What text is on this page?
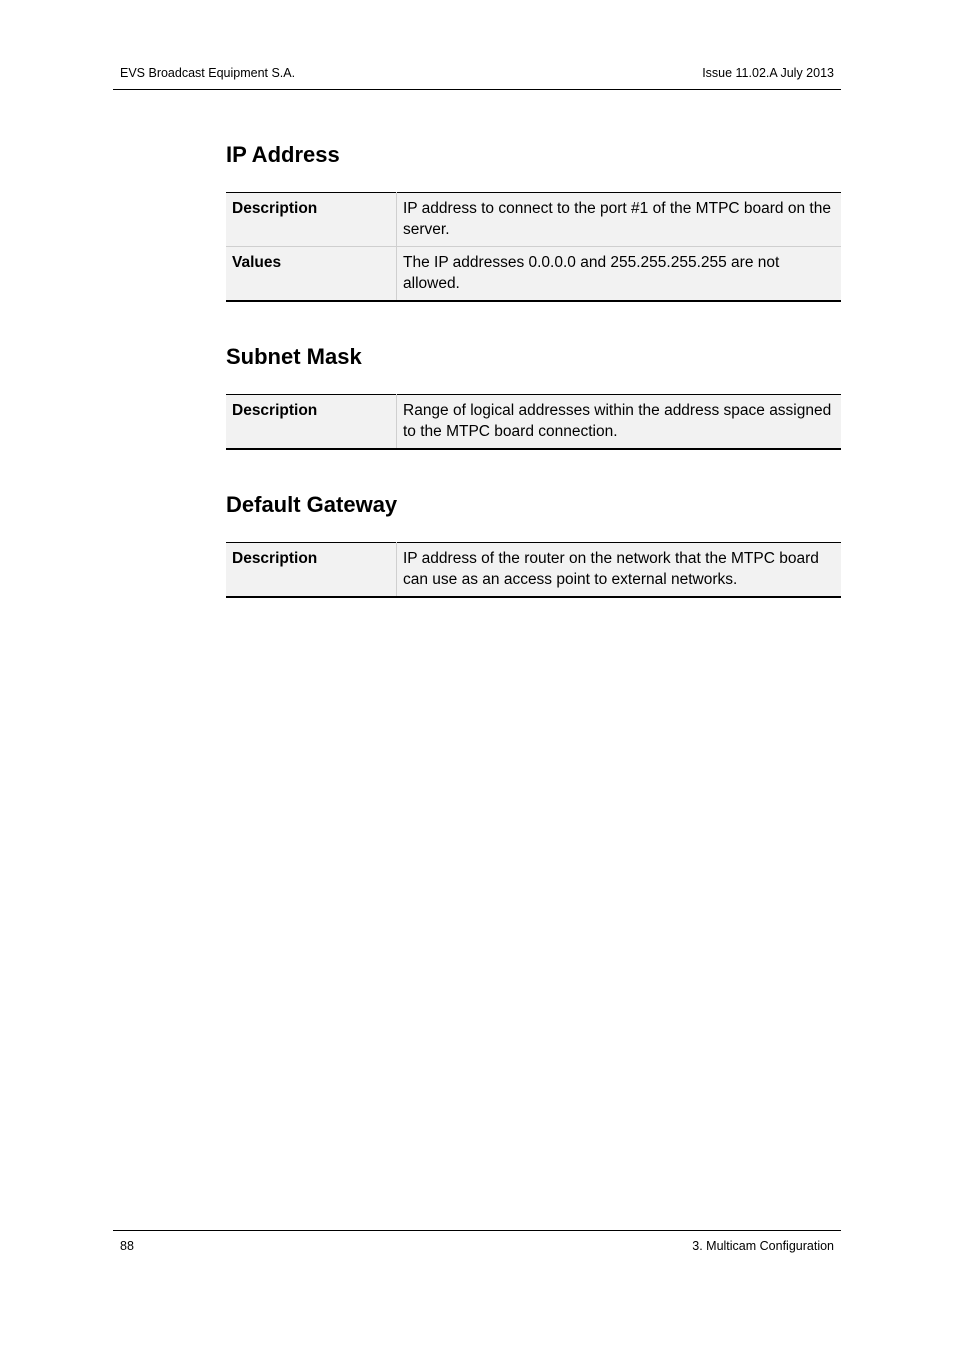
EVS Broadcast Equipment S.A.	Issue 11.02.A July 2013
IP Address
Description	IP address to connect to the port #1 of the MTPC board on the server.
Values	The IP addresses 0.0.0.0 and 255.255.255.255 are not allowed.
Subnet Mask
Description	Range of logical addresses within the address space assigned to the MTPC board connection.
Default Gateway
Description	IP address of the router on the network that the MTPC board can use as an access point to external networks.
88	3. Multicam Configuration
